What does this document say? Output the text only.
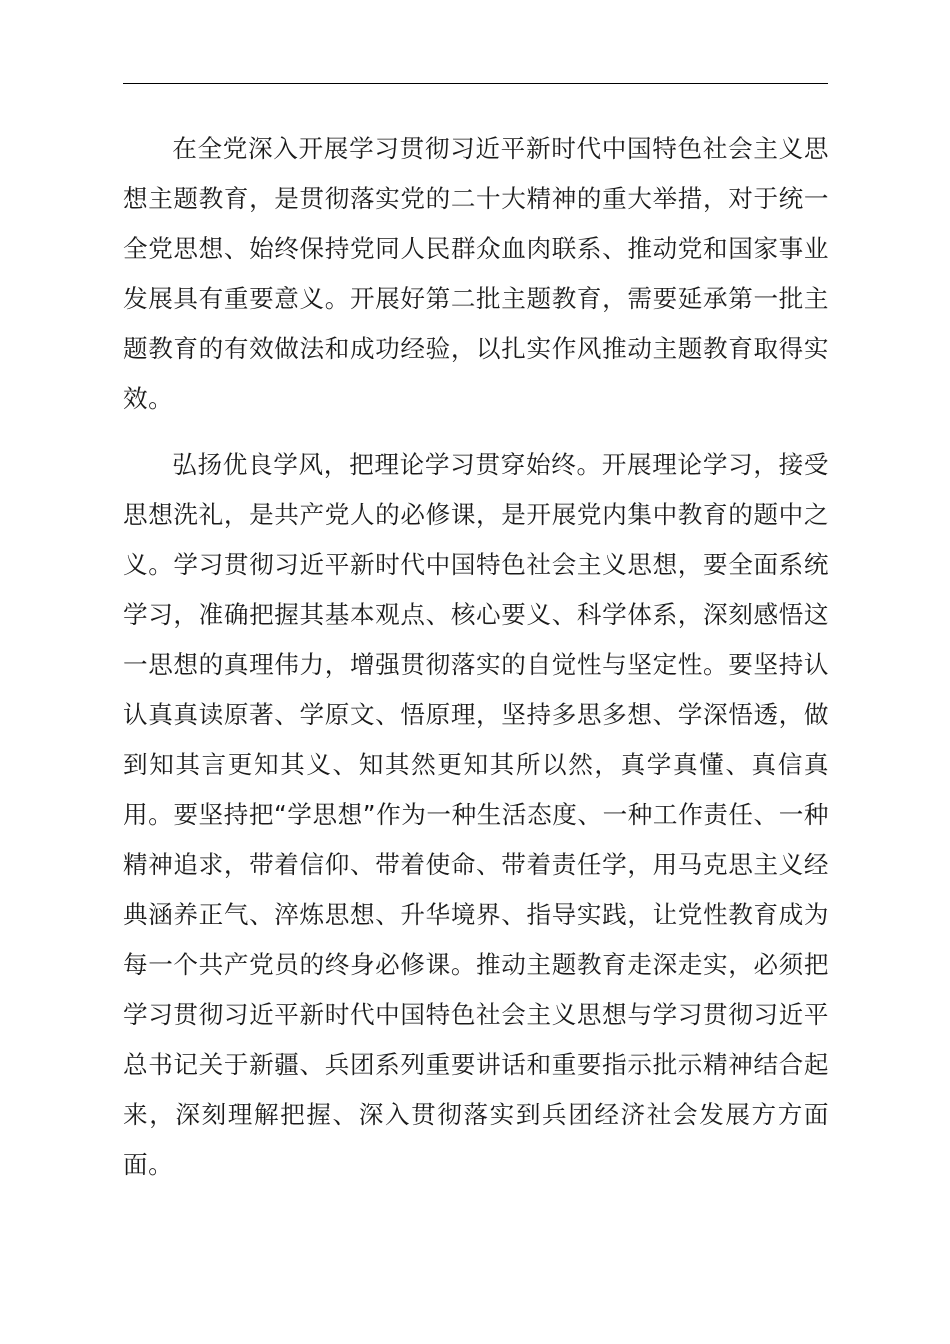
在全党深入开展学习贯彻习近平新时代中国特色社会主义思想主题教育，是贯彻落实党的二十大精神的重大举措，对于统一全党思想、始终保持党同人民群众血肉联系、推动党和国家事业发展具有重要意义。开展好第二批主题教育，需要延承第一批主题教育的有效做法和成功经验，以扎实作风推动主题教育取得实效。

弘扬优良学风，把理论学习贯穿始终。开展理论学习，接受思想洗礼，是共产党人的必修课，是开展党内集中教育的题中之义。学习贯彻习近平新时代中国特色社会主义思想，要全面系统学习，准确把握其基本观点、核心要义、科学体系，深刻感悟这一思想的真理伟力，增强贯彻落实的自觉性与坚定性。要坚持认认真真读原著、学原文、悟原理，坚持多思多想、学深悟透，做到知其言更知其义、知其然更知其所以然，真学真懂、真信真用。要坚持把“学思想”作为一种生活态度、一种工作责任、一种精神追求，带着信仰、带着使命、带着责任学，用马克思主义经典涵养正气、淬炼思想、升华境界、指导实践，让党性教育成为每一个共产党员的终身必修课。推动主题教育走深走实，必须把学习贯彻习近平新时代中国特色社会主义思想与学习贯彻习近平总书记关于新疆、兵团系列重要讲话和重要指示批示精神结合起来，深刻理解把握、深入贯彻落实到兵团经济社会发展方方面面。
